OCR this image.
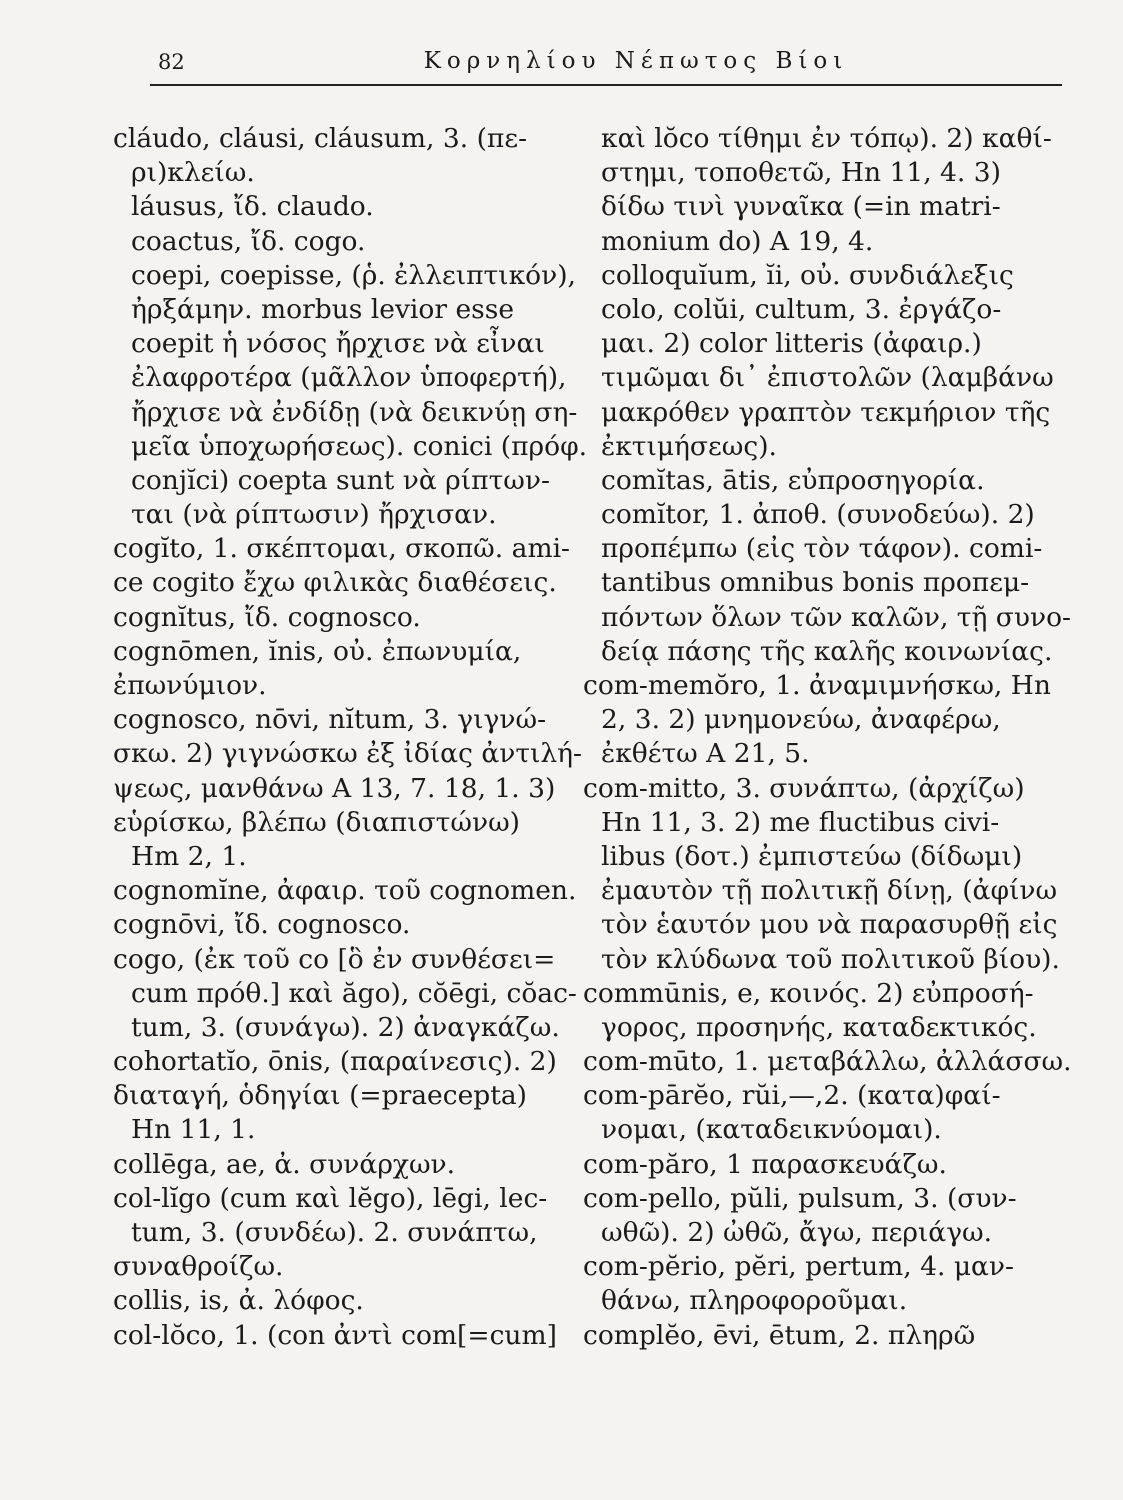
82	Κορνηλίου Νέπωτος Βίοι
cláudo, cláusi, cláusum, 3. (πε-
ρι)κλείω.
láusus, ἴδ. claudo.
coactus, ἴδ. cogo.
coepi, coepisse, (ῥ. ἐλλειπτικόν),
ἠρξάμην. morbus levior esse
coepit ἡ νόσος ἤρχισε νὰ εἶναι
ἐλαφροτέρα (μᾶλλον ὑποφερτή),
ἤρχισε νὰ ἐνδίδῃ (νὰ δεικνύῃ ση-
μεῖα ὑποχωρήσεως). conici (πρόφ.
conjĭci) coepta sunt νὰ ρίπτων-
ται (νὰ ρίπτωσιν) ἤρχισαν.
cogĭto, 1. σκέπτομαι, σκοπῶ. ami-
ce cogito ἔχω φιλικὰς διαθέσεις.
cognĭtus, ἴδ. cognosco.
cognōmen, ĭnis, οὐ. ἐπωνυμία,
ἐπωνύμιον.
cognosco, nōvi, nĭtum, 3. γιγνώ-
σκω. 2) γιγνώσκω ἐξ ἰδίας ἀντιλή-
ψεως, μανθάνω A 13, 7. 18, 1. 3)
εὑρίσκω, βλέπω (διαπιστώνω)
Hm 2, 1.
cognomĭne, ἀφαιρ. τοῦ cognomen.
cognōvi, ἴδ. cognosco.
cogo, (ἐκ τοῦ co [ὃ ἐν συνθέσει=
cum πρόθ.] καὶ ăgo), cŏēgi, cŏac-
tum, 3. (συνάγω). 2) ἀναγκάζω.
cohortatĭo, ōnis, (παραίνεσις). 2)
διαταγή, ὁδηγίαι (=praecepta)
Hn 11, 1.
collēga, ae, ἀ. συνάρχων.
col-lĭgo (cum καὶ lĕgo), lēgi, lec-
tum, 3. (συνδέω). 2. συνάπτω,
συναθροίζω.
collis, is, ἀ. λόφος.
col-lŏco, 1. (con ἀντὶ com[=cum]
καὶ lŏco τίθημι ἐν τόπῳ). 2) καθί-
στημι, τοποθετῶ, Hn 11, 4. 3)
δίδω τινὶ γυναῖκα (=in matri-
monium do) A 19, 4.
colloquĭum, ĭi, οὐ. συνδιάλεξις
colo, colŭi, cultum, 3. ἐργάζο-
μαι. 2) color litteris (ἀφαιρ.)
τιμῶμαι δι᾿ ἐπιστολῶν (λαμβάνω
μακρόθεν γραπτὸν τεκμήριον τῆς
ἐκτιμήσεως).
comĭtas, ātis, εὐπροσηγορία.
comĭtor, 1. ἀποθ. (συνοδεύω). 2)
προπέμπω (εἰς τὸν τάφον). comi-
tantibus omnibus bonis προπεμ-
πόντων ὅλων τῶν καλῶν, τῇ συνο-
δείᾳ πάσης τῆς καλῆς κοινωνίας.
com-memŏro, 1. ἀναμιμνήσκω, Hn
2, 3. 2) μνημονεύω, ἀναφέρω,
ἐκθέτω A 21, 5.
com-mitto, 3. συνάπτω, (ἀρχίζω)
Hn 11, 3. 2) me fluctibus civi-
libus (δοτ.) ἐμπιστεύω (δίδωμι)
ἐμαυτὸν τῇ πολιτικῇ δίνῃ, (ἀφίνω
τὸν ἑαυτόν μου νὰ παρασυρθῇ εἰς
τὸν κλύδωνα τοῦ πολιτικοῦ βίου).
commūnis, e, κοινός. 2) εὐπροσή-
γορος, προσηνής, καταδεκτικός.
com-mūto, 1. μεταβάλλω, ἀλλάσσω.
com-pārĕo, rŭi,—,2. (κατα)φαί-
νομαι, (καταδεικνύομαι).
com-păro, 1 παρασκευάζω.
com-pello, pŭli, pulsum, 3. (συν-
ωθῶ). 2) ὠθῶ, ἄγω, περιάγω.
com-pĕrio, pĕri, pertum, 4. μαν-
θάνω, πληροφοροῦμαι.
complĕo, ēvi, ētum, 2. πληρῶ
